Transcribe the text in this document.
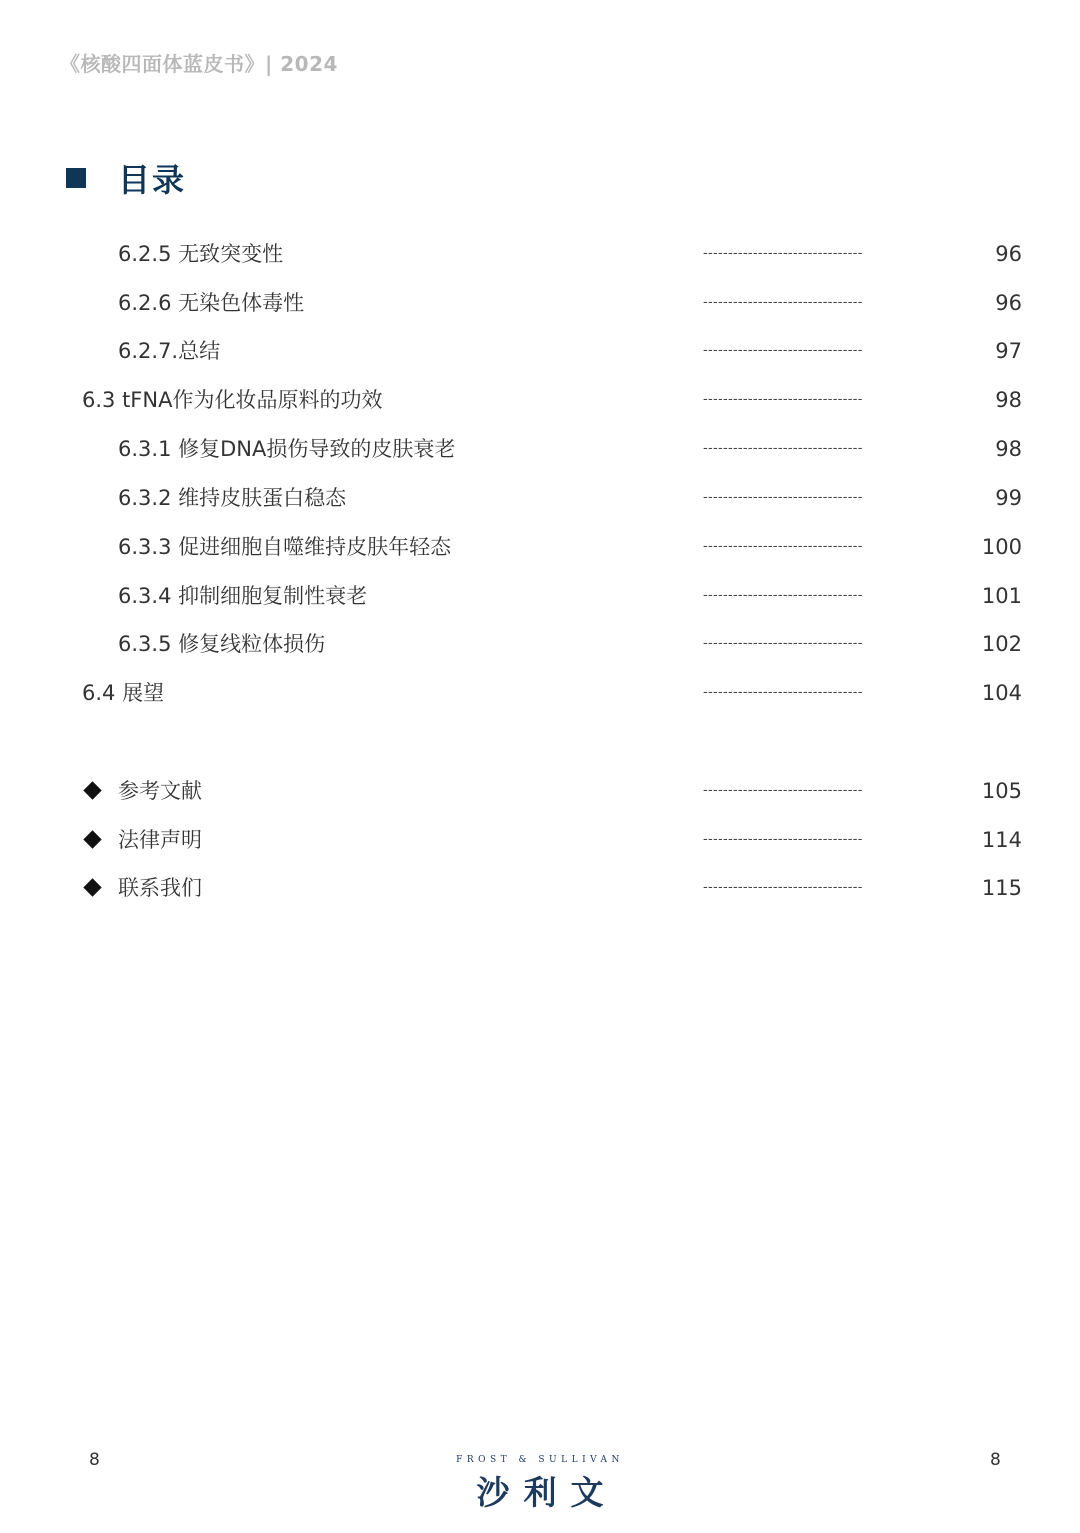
《核酸四面体蓝皮书》| 2024
目录
6.2.5 无致突变性	--------------------------------	96
6.2.6 无染色体毒性	--------------------------------	96
6.2.7.总结	--------------------------------	97
6.3 tFNA作为化妆品原料的功效	--------------------------------	98
6.3.1 修复DNA损伤导致的皮肤衰老	--------------------------------	98
6.3.2 维持皮肤蛋白稳态	--------------------------------	99
6.3.3 促进细胞自噬维持皮肤年轻态	--------------------------------	100
6.3.4 抑制细胞复制性衰老	--------------------------------	101
6.3.5 修复线粒体损伤	--------------------------------	102
6.4 展望	--------------------------------	104
参考文献	--------------------------------	105
法律声明	--------------------------------	114
联系我们	--------------------------------	115
8	FROST & SULLIVAN
沙利文
8
